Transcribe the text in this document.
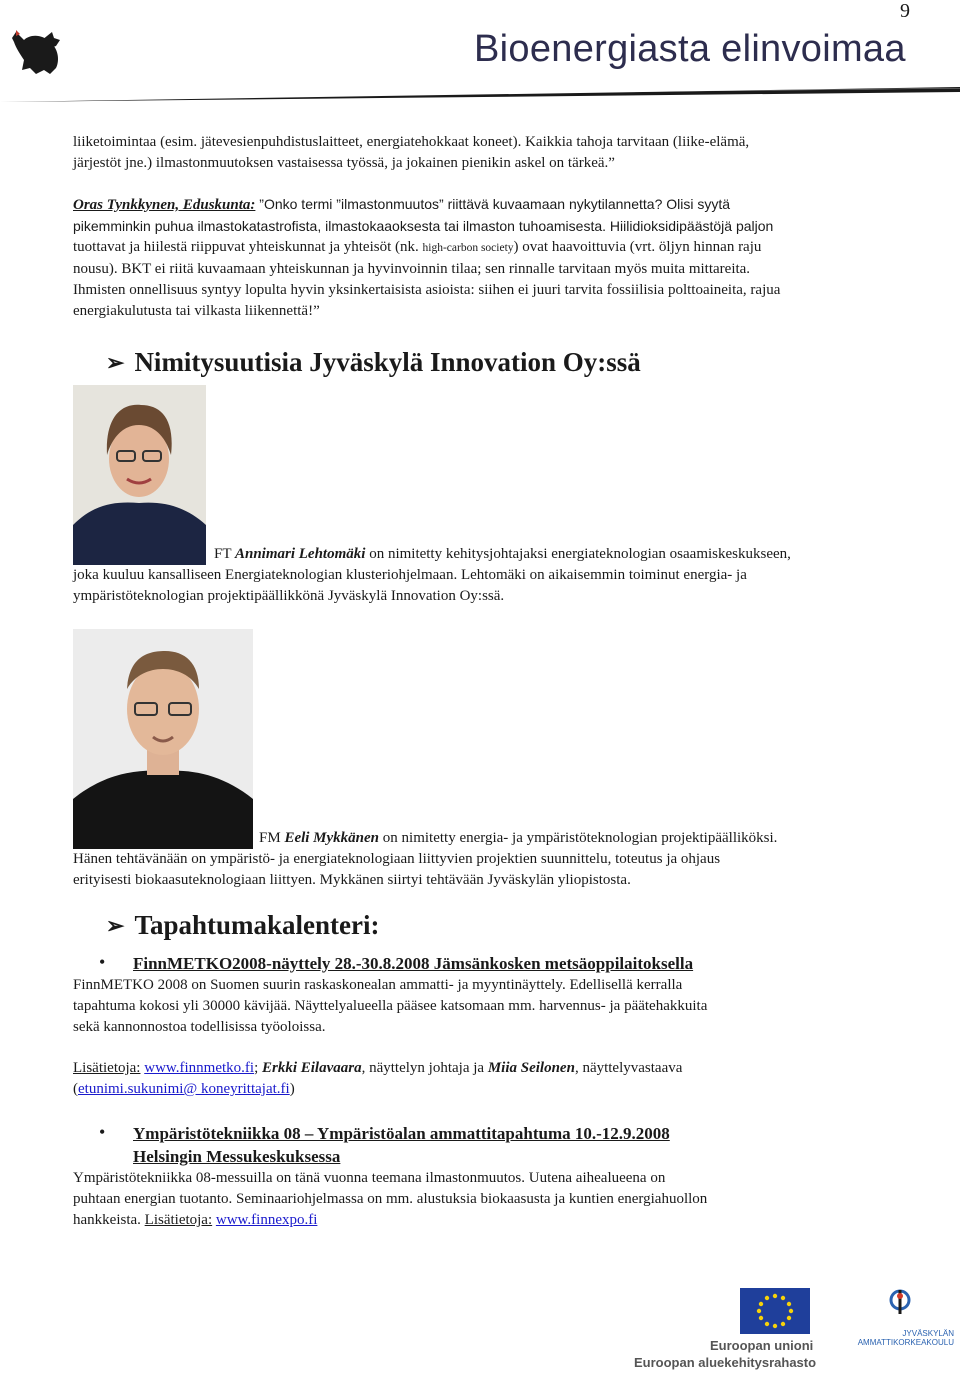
9
Bioenergiasta elinvoimaa

liiketoimintaa (esim. jätevesienpuhdistuslaitteet, energiatehokkaat koneet). Kaikkia tahoja tarvitaan (liike-elämä,
järjestöt jne.) ilmastonmuutoksen vastaisessa työssä, ja jokainen pienikin askel on tärkeä.”

Oras Tynkkynen, Eduskunta: ”Onko termi ”ilmastonmuutos” riittävä kuvaamaan nykytilannetta? Olisi syytä
pikemminkin puhua ilmastokatastrofista, ilmastokaaoksesta tai ilmaston tuhoamisesta. Hiilidioksidipäästöjä paljon

tuottavat ja hiilestä riippuvat yhteiskunnat ja yhteisöt (nk. high-carbon society) ovat haavoittuvia (vrt. öljyn hinnan raju
nousu). BKT ei riitä kuvaamaan yhteiskunnan ja hyvinvoinnin tilaa; sen rinnalle tarvitaan myös muita mittareita.
Ihmisten onnellisuus syntyy lopulta hyvin yksinkertaisista asioista: siihen ei juuri tarvita fossiilisia polttoaineita, rajua
energiakulutusta tai vilkasta liikennettä!”

➢ Nimitysuutisia Jyväskylä Innovation Oy:ssä

FT Annimari Lehtomäki on nimitetty kehitysjohtajaksi energiateknologian osaamiskeskukseen,

joka kuuluu kansalliseen Energiateknologian klusteriohjelmaan. Lehtomäki on aikaisemmin toiminut energia- ja
ympäristöteknologian projektipäällikkönä Jyväskylä Innovation Oy:ssä.

FM Eeli Mykkänen on nimitetty energia- ja ympäristöteknologian projektipäälliköksi.

Hänen tehtävänään on ympäristö- ja energiateknologiaan liittyvien projektien suunnittelu, toteutus ja ohjaus
erityisesti biokaasuteknologiaan liittyen. Mykkänen siirtyi tehtävään Jyväskylän yliopistosta.

➢ Tapahtumakalenteri:
• FinnMETKO2008-näyttely 28.-30.8.2008 Jämsänkosken metsäoppilaitoksella

FinnMETKO 2008 on Suomen suurin raskaskonealan ammatti- ja myyntinäyttely. Edellisellä kerralla
tapahtuma kokosi yli 30000 kävijää. Näyttelyalueella pääsee katsomaan mm. harvennus- ja päätehakkuita
sekä kannonnostoa todellisissa työoloissa.

Lisätietoja: www.finnmetko.fi; Erkki Eilavaara, näyttelyn johtaja ja Miia Seilonen, näyttelyvastaava
(etunimi.sukunimi@ koneyrittajat.fi)

• Ympäristötekniikka 08 – Ympäristöalan ammattitapahtuma 10.-12.9.2008
Helsingin Messukeskuksessa

Ympäristötekniikka 08-messuilla on tänä vuonna teemana ilmastonmuutos. Uutena aihealueena on
puhtaan energian tuotanto. Seminaariohjelmassa on mm. alustuksia biokaasusta ja kuntien energiahuollon
hankkeista. Lisätietoja: www.finnexpo.fi

Euroopan unioni
Euroopan aluekehitysrahasto
JYVÄSKYLÄN
AMMATTIKORKEAKOULU
